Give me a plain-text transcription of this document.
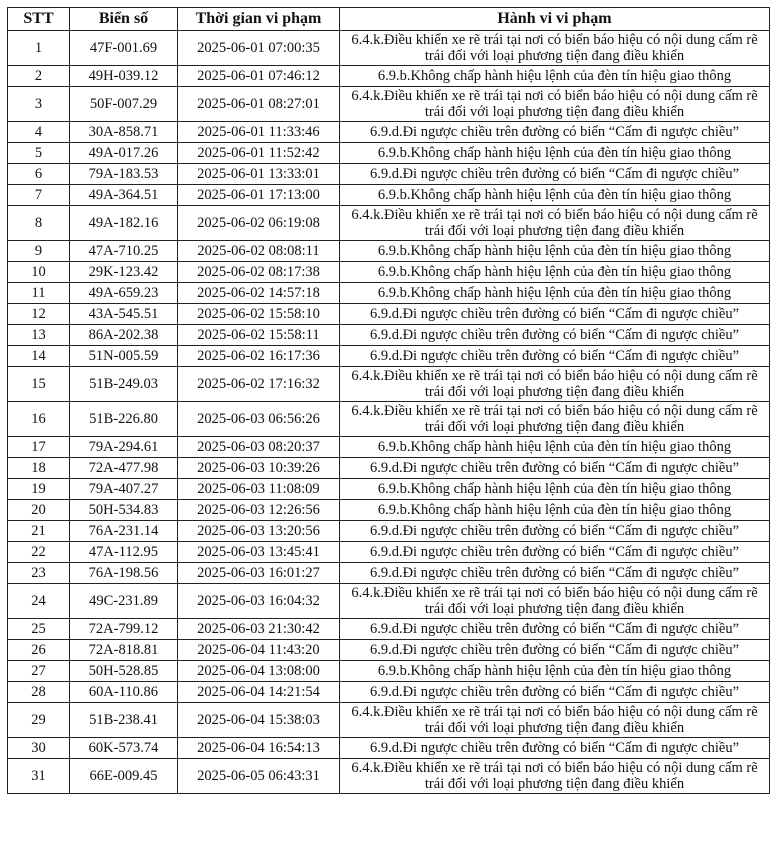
STT	Biển số	Thời gian vi phạm	Hành vi vi phạm
1	47F-001.69	2025-06-01 07:00:35	6.4.k.Điều khiển xe rẽ trái tại nơi có biển báo hiệu có nội dung cấm rẽ trái đối với loại phương tiện đang điều khiển
2	49H-039.12	2025-06-01 07:46:12	6.9.b.Không chấp hành hiệu lệnh của đèn tín hiệu giao thông
3	50F-007.29	2025-06-01 08:27:01	6.4.k.Điều khiển xe rẽ trái tại nơi có biển báo hiệu có nội dung cấm rẽ trái đối với loại phương tiện đang điều khiển
4	30A-858.71	2025-06-01 11:33:46	6.9.d.Đi ngược chiều trên đường có biển “Cấm đi ngược chiều”
5	49A-017.26	2025-06-01 11:52:42	6.9.b.Không chấp hành hiệu lệnh của đèn tín hiệu giao thông
6	79A-183.53	2025-06-01 13:33:01	6.9.d.Đi ngược chiều trên đường có biển “Cấm đi ngược chiều”
7	49A-364.51	2025-06-01 17:13:00	6.9.b.Không chấp hành hiệu lệnh của đèn tín hiệu giao thông
8	49A-182.16	2025-06-02 06:19:08	6.4.k.Điều khiển xe rẽ trái tại nơi có biển báo hiệu có nội dung cấm rẽ trái đối với loại phương tiện đang điều khiển
9	47A-710.25	2025-06-02 08:08:11	6.9.b.Không chấp hành hiệu lệnh của đèn tín hiệu giao thông
10	29K-123.42	2025-06-02 08:17:38	6.9.b.Không chấp hành hiệu lệnh của đèn tín hiệu giao thông
11	49A-659.23	2025-06-02 14:57:18	6.9.b.Không chấp hành hiệu lệnh của đèn tín hiệu giao thông
12	43A-545.51	2025-06-02 15:58:10	6.9.d.Đi ngược chiều trên đường có biển “Cấm đi ngược chiều”
13	86A-202.38	2025-06-02 15:58:11	6.9.d.Đi ngược chiều trên đường có biển “Cấm đi ngược chiều”
14	51N-005.59	2025-06-02 16:17:36	6.9.d.Đi ngược chiều trên đường có biển “Cấm đi ngược chiều”
15	51B-249.03	2025-06-02 17:16:32	6.4.k.Điều khiển xe rẽ trái tại nơi có biển báo hiệu có nội dung cấm rẽ trái đối với loại phương tiện đang điều khiển
16	51B-226.80	2025-06-03 06:56:26	6.4.k.Điều khiển xe rẽ trái tại nơi có biển báo hiệu có nội dung cấm rẽ trái đối với loại phương tiện đang điều khiển
17	79A-294.61	2025-06-03 08:20:37	6.9.b.Không chấp hành hiệu lệnh của đèn tín hiệu giao thông
18	72A-477.98	2025-06-03 10:39:26	6.9.d.Đi ngược chiều trên đường có biển “Cấm đi ngược chiều”
19	79A-407.27	2025-06-03 11:08:09	6.9.b.Không chấp hành hiệu lệnh của đèn tín hiệu giao thông
20	50H-534.83	2025-06-03 12:26:56	6.9.b.Không chấp hành hiệu lệnh của đèn tín hiệu giao thông
21	76A-231.14	2025-06-03 13:20:56	6.9.d.Đi ngược chiều trên đường có biển “Cấm đi ngược chiều”
22	47A-112.95	2025-06-03 13:45:41	6.9.d.Đi ngược chiều trên đường có biển “Cấm đi ngược chiều”
23	76A-198.56	2025-06-03 16:01:27	6.9.d.Đi ngược chiều trên đường có biển “Cấm đi ngược chiều”
24	49C-231.89	2025-06-03 16:04:32	6.4.k.Điều khiển xe rẽ trái tại nơi có biển báo hiệu có nội dung cấm rẽ trái đối với loại phương tiện đang điều khiển
25	72A-799.12	2025-06-03 21:30:42	6.9.d.Đi ngược chiều trên đường có biển “Cấm đi ngược chiều”
26	72A-818.81	2025-06-04 11:43:20	6.9.d.Đi ngược chiều trên đường có biển “Cấm đi ngược chiều”
27	50H-528.85	2025-06-04 13:08:00	6.9.b.Không chấp hành hiệu lệnh của đèn tín hiệu giao thông
28	60A-110.86	2025-06-04 14:21:54	6.9.d.Đi ngược chiều trên đường có biển “Cấm đi ngược chiều”
29	51B-238.41	2025-06-04 15:38:03	6.4.k.Điều khiển xe rẽ trái tại nơi có biển báo hiệu có nội dung cấm rẽ trái đối với loại phương tiện đang điều khiển
30	60K-573.74	2025-06-04 16:54:13	6.9.d.Đi ngược chiều trên đường có biển “Cấm đi ngược chiều”
31	66E-009.45	2025-06-05 06:43:31	6.4.k.Điều khiển xe rẽ trái tại nơi có biển báo hiệu có nội dung cấm rẽ trái đối với loại phương tiện đang điều khiển
